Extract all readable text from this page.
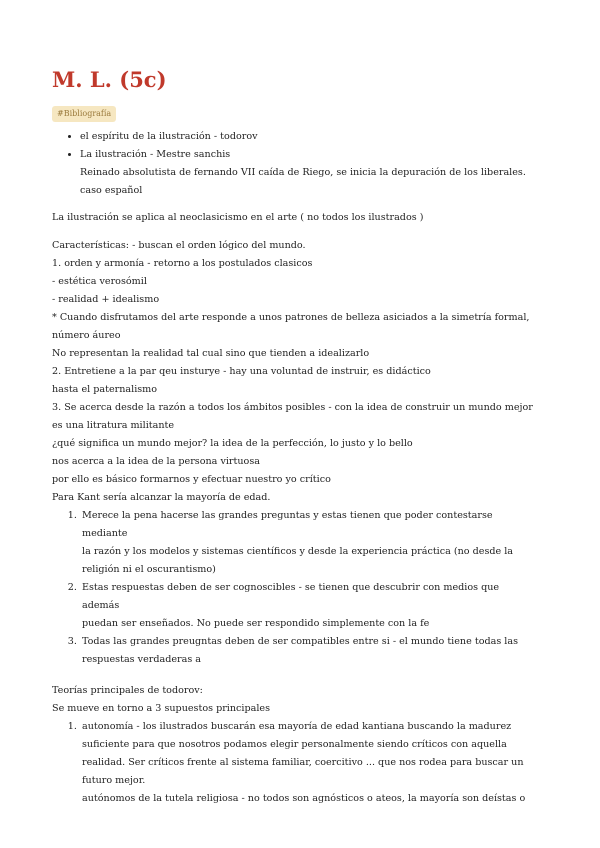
M. L. (5c)
#Bibliografía
• el espíritu de la ilustración - todorov
• La ilustración - Mestre sanchis
Reinado absolutista de fernando VII caída de Riego, se inicia la depuración de los liberales.
caso español

La ilustración se aplica al neoclasicismo en el arte ( no todos los ilustrados )

Características: - buscan el orden lógico del mundo.

1. orden y armonía - retorno a los postulados clasicos

- estética verosómil

- realidad + idealismo

* Cuando disfrutamos del arte responde a unos patrones de belleza asiciados a la simetría formal,

número áureo

No representan la realidad tal cual sino que tienden a idealizarlo

2. Entretiene a la par qeu insturye - hay una voluntad de instruir, es didáctico

hasta el paternalismo

3. Se acerca desde la razón a todos los ámbitos posibles - con la idea de construir un mundo mejor

es una litratura militante

¿qué significa un mundo mejor? la idea de la perfección, lo justo y lo bello

nos acerca a la idea de la persona virtuosa

por ello es básico formarnos y efectuar nuestro yo crítico

Para Kant sería alcanzar la mayoría de edad.

1. Merece la pena hacerse las grandes preguntas y estas tienen que poder contestarse mediante
la razón y los modelos y sistemas científicos y desde la experiencia práctica (no desde la
religión ni el oscurantismo)
2. Estas respuestas deben de ser cognoscibles - se tienen que descubrir con medios que además
puedan ser enseñados. No puede ser respondido simplemente con la fe
3. Todas las grandes preugntas deben de ser compatibles entre si - el mundo tiene todas las
respuestas verdaderas a

Teorías principales de todorov:

Se mueve en torno a 3 supuestos principales

1. autonomía - los ilustrados buscarán esa mayoría de edad kantiana buscando la madurez
suficiente para que nosotros podamos elegir personalmente siendo críticos con aquella
realidad. Ser críticos frente al sistema familiar, coercitivo ... que nos rodea para buscar un
futuro mejor.
autónomos de la tutela religiosa - no todos son agnósticos o ateos, la mayoría son deístas o
